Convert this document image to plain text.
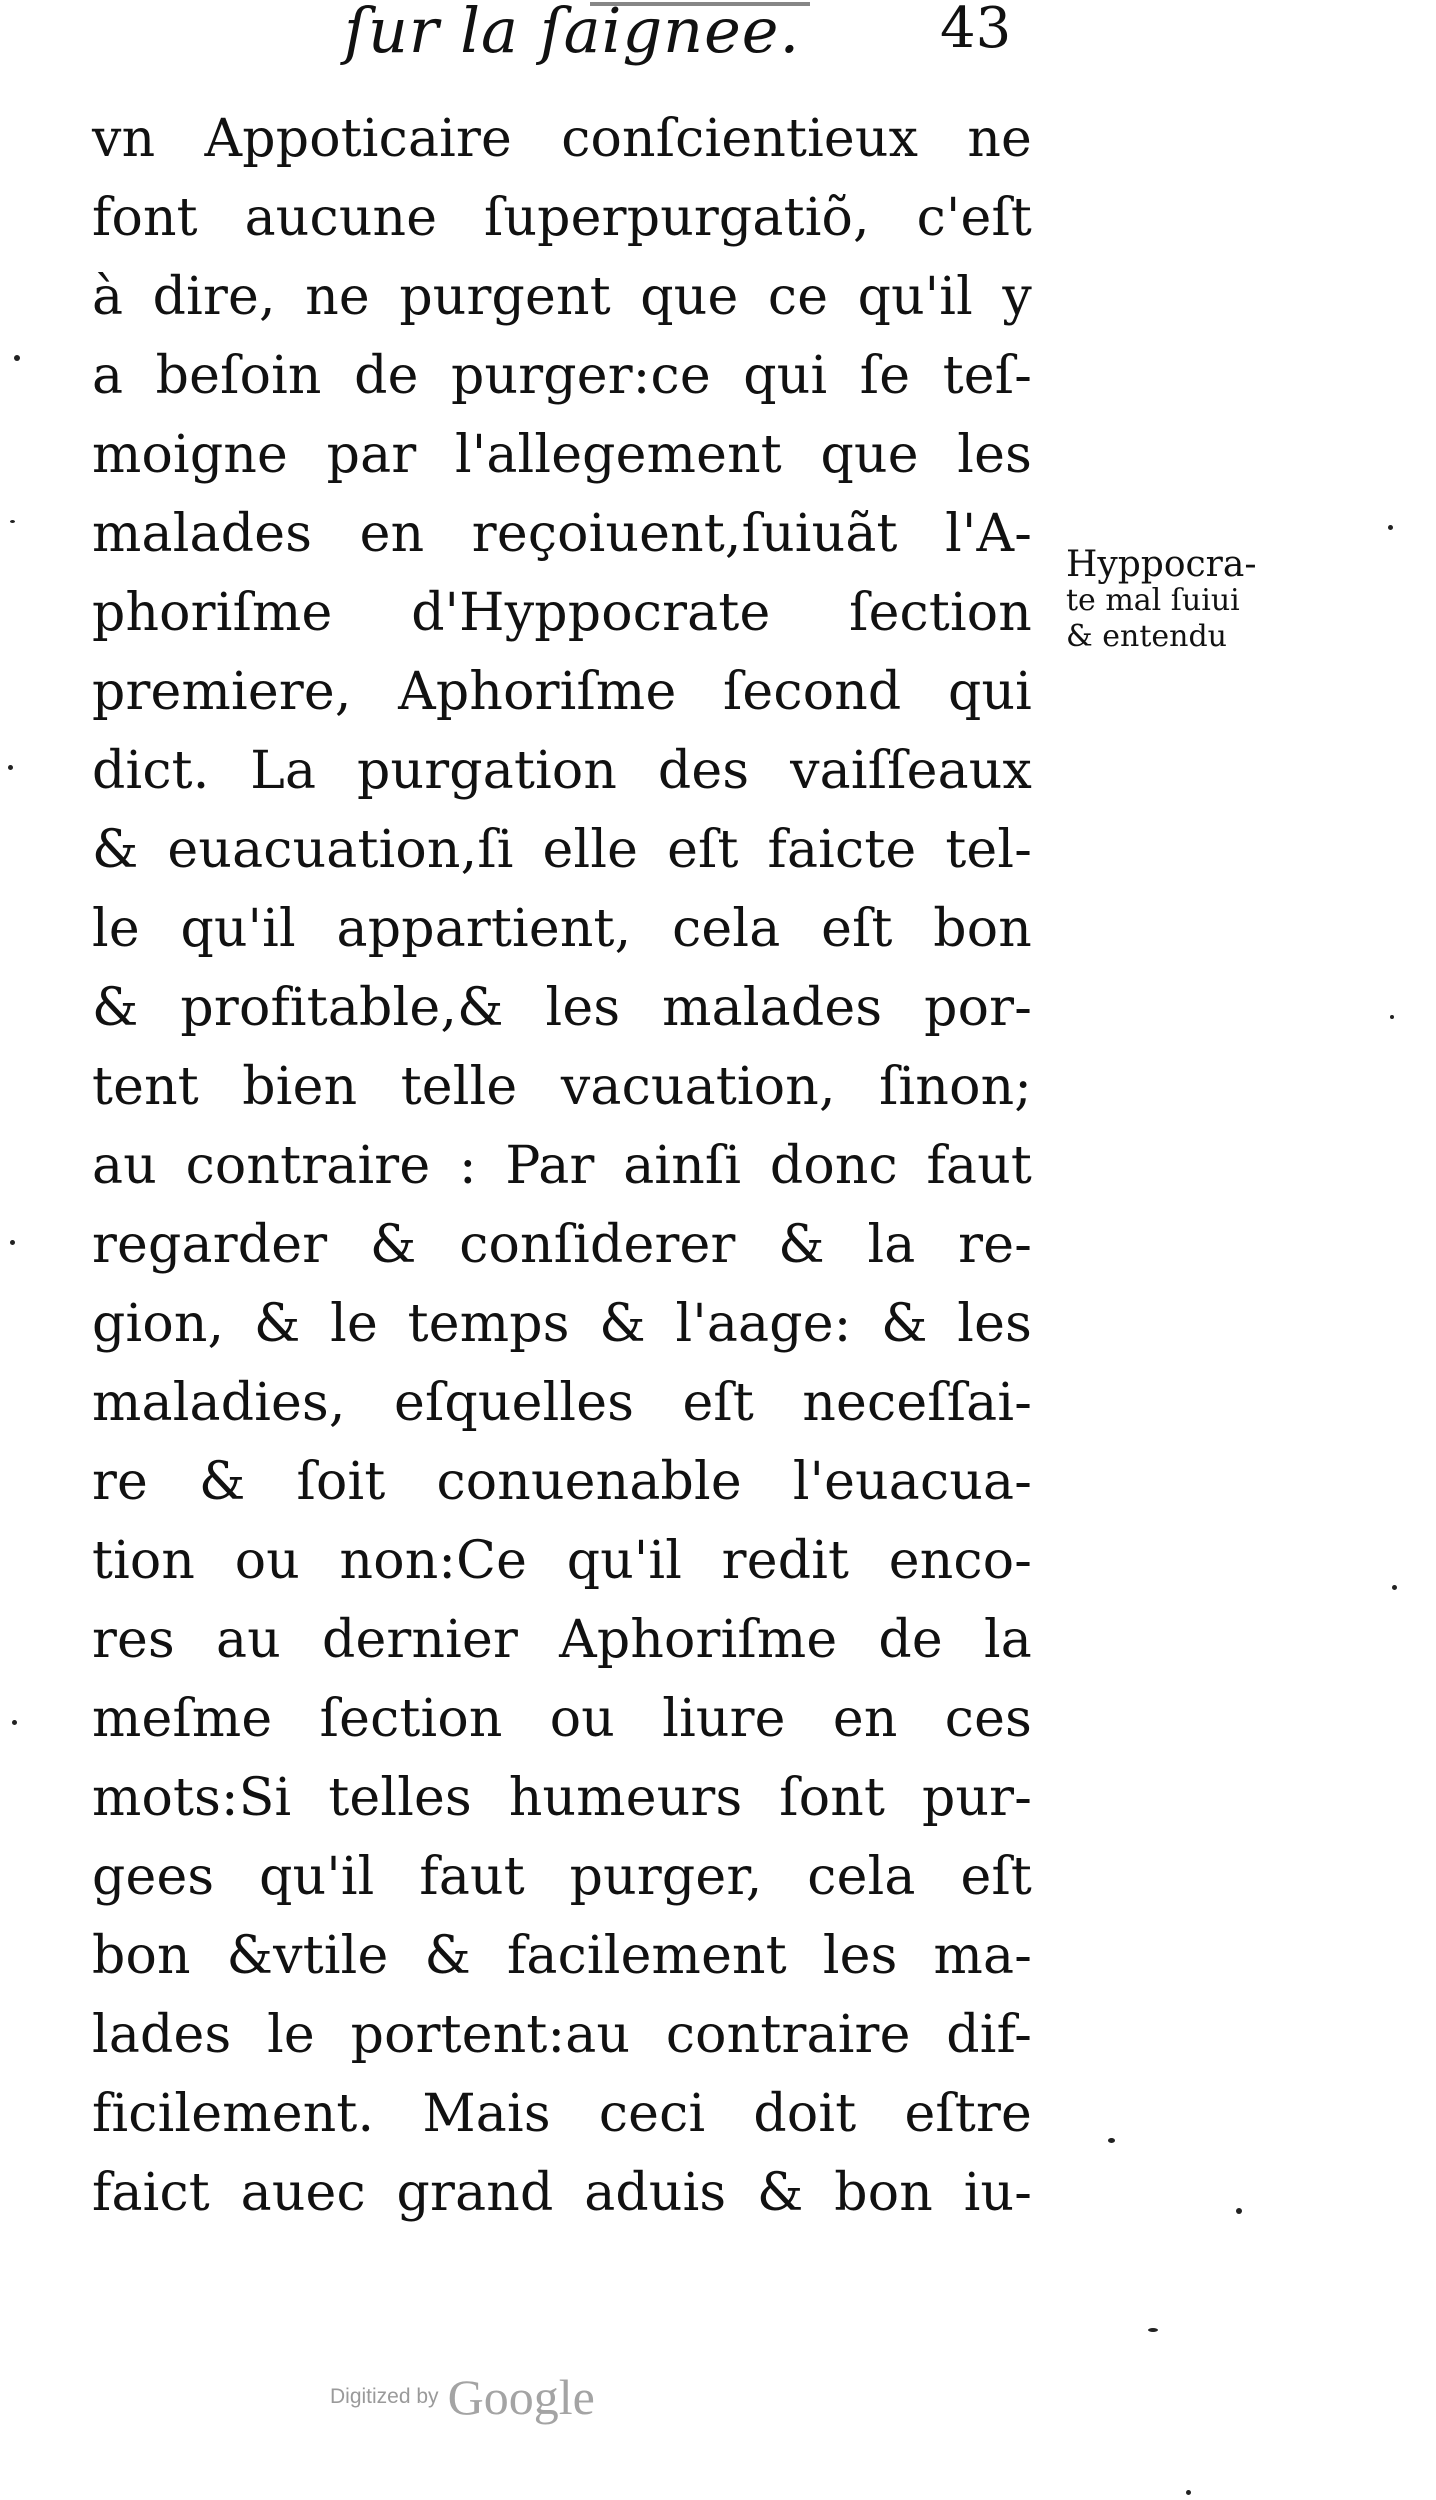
ſur la ſaignee. 43
vn Appoticaire conſcientieux ne
font aucune ſuperpurgatiõ, c'eſt
à dire, ne purgent que ce qu'il y
a beſoin de purger:ce qui ſe teſ-
moigne par l'allegement que les
malades en reçoiuent,ſuiuãt l'A-
phoriſme d'Hyppocrate ſection
premiere, Aphoriſme ſecond qui
dict. La purgation des vaiſſeaux
& euacuation,ſi elle eſt faicte tel-
le qu'il appartient, cela eſt bon
& profitable,& les malades por-
tent bien telle vacuation, ſinon;
au contraire : Par ainſi donc faut
regarder & conſiderer & la re-
gion, & le temps & l'aage: & les
maladies, eſquelles eſt neceſſai-
re & ſoit conuenable l'euacua-
tion ou non:Ce qu'il redit enco-
res au dernier Aphoriſme de la
meſme ſection ou liure en ces
mots:Si telles humeurs ſont pur-
gees qu'il faut purger, cela eſt
bon &vtile & facilement les ma-
lades le portent:au contraire dif-
ficilement. Mais ceci doit eſtre
faict auec grand aduis & bon iu-
Hyppocra-
te mal ſuiui
& entendu
Digitized by Google
